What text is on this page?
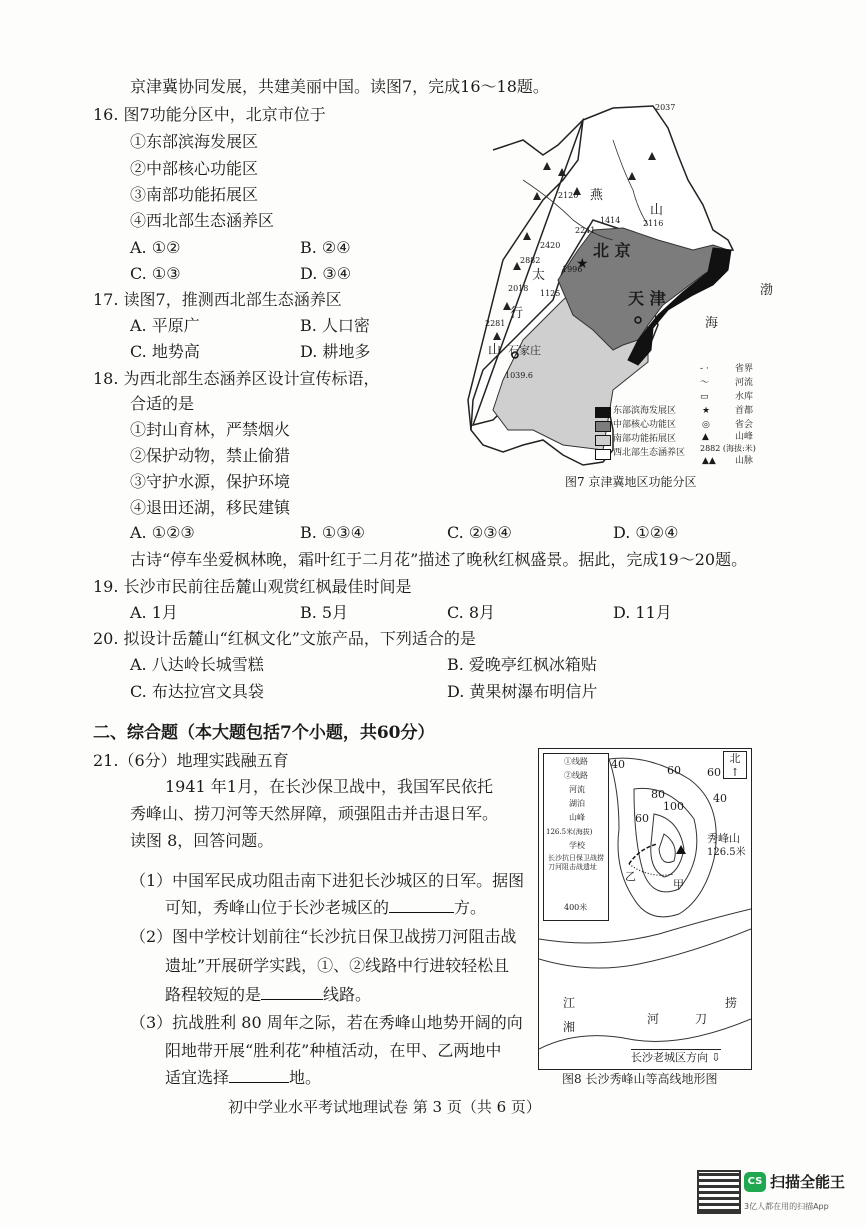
京津冀协同发展，共建美丽中国。读图7，完成16～18题。
16. 图7功能分区中，北京市位于
①东部滨海发展区
②中部核心功能区
③南部功能拓展区
④西北部生态涵养区
A. ①②	B. ②④
C. ①③	D. ③④
17. 读图7，推测西北部生态涵养区
A. 平原广	B. 人口密
C. 地势高	D. 耕地多
18. 为西北部生态涵养区设计宣传标语，
合适的是
①封山育林，严禁烟火
②保护动物，禁止偷猎
③守护水源，保护环境
④退田还湖，移民建镇
A. ①②③	B. ①③④	C. ②③④	D. ①②④
★
北 京
天 津
石家庄
渤
海
燕
山
太
行
山
2037
2120
2116
1414
2241
2420
2882
1996
2018
1125
2281
1039.6
东部滨海发展区
中部核心功能区
南部功能拓展区
西北部生态涵养区
- ·	省界
～	河流
▭	水库
★	首都
◎	省会
▲	山峰
2882 (海拔:米)
▲▲ 山脉
图7 京津冀地区功能分区
古诗“停车坐爱枫林晚，霜叶红于二月花”描述了晚秋红枫盛景。据此，完成19～20题。
19. 长沙市民前往岳麓山观赏红枫最佳时间是
A. 1月	B. 5月	C. 8月	D. 11月
20. 拟设计岳麓山“红枫文化”文旅产品，下列适合的是
A. 八达岭长城雪糕	B. 爱晚亭红枫冰箱贴
C. 布达拉宫文具袋	D. 黄果树瀑布明信片
二、综合题（本大题包括7个小题，共60分）
21.（6分）地理实践融五育
1941 年1月，在长沙保卫战中，我国军民依托
秀峰山、捞刀河等天然屏障，顽强阻击并击退日军。
读图 8，回答问题。
（1）中国军民成功阻击南下进犯长沙城区的日军。据图
可知，秀峰山位于长沙老城区的	方。
（2）图中学校计划前往“长沙抗日保卫战捞刀河阻击战
遗址”开展研学实践，①、②线路中行进较轻松且
路程较短的是	线路。
（3）抗战胜利 80 周年之际，若在秀峰山地势开阔的向
阳地带开展“胜利花”种植活动，在甲、乙两地中
适宜选择	地。
①线路
②线路
河流
湖泊
山峰
126.5米(海拔)
学校
长沙抗日保卫战捞刀河阻击战遗址
400米
北
↑
40	60
80
100
60
40
60
秀峰山
126.5米
甲
乙
江
湘
河	刀
捞
长沙老城区方向 ⇩
图8 长沙秀峰山等高线地形图
初中学业水平考试地理试卷 第 3 页（共 6 页）
CS 扫描全能王
3亿人都在用的扫描App
